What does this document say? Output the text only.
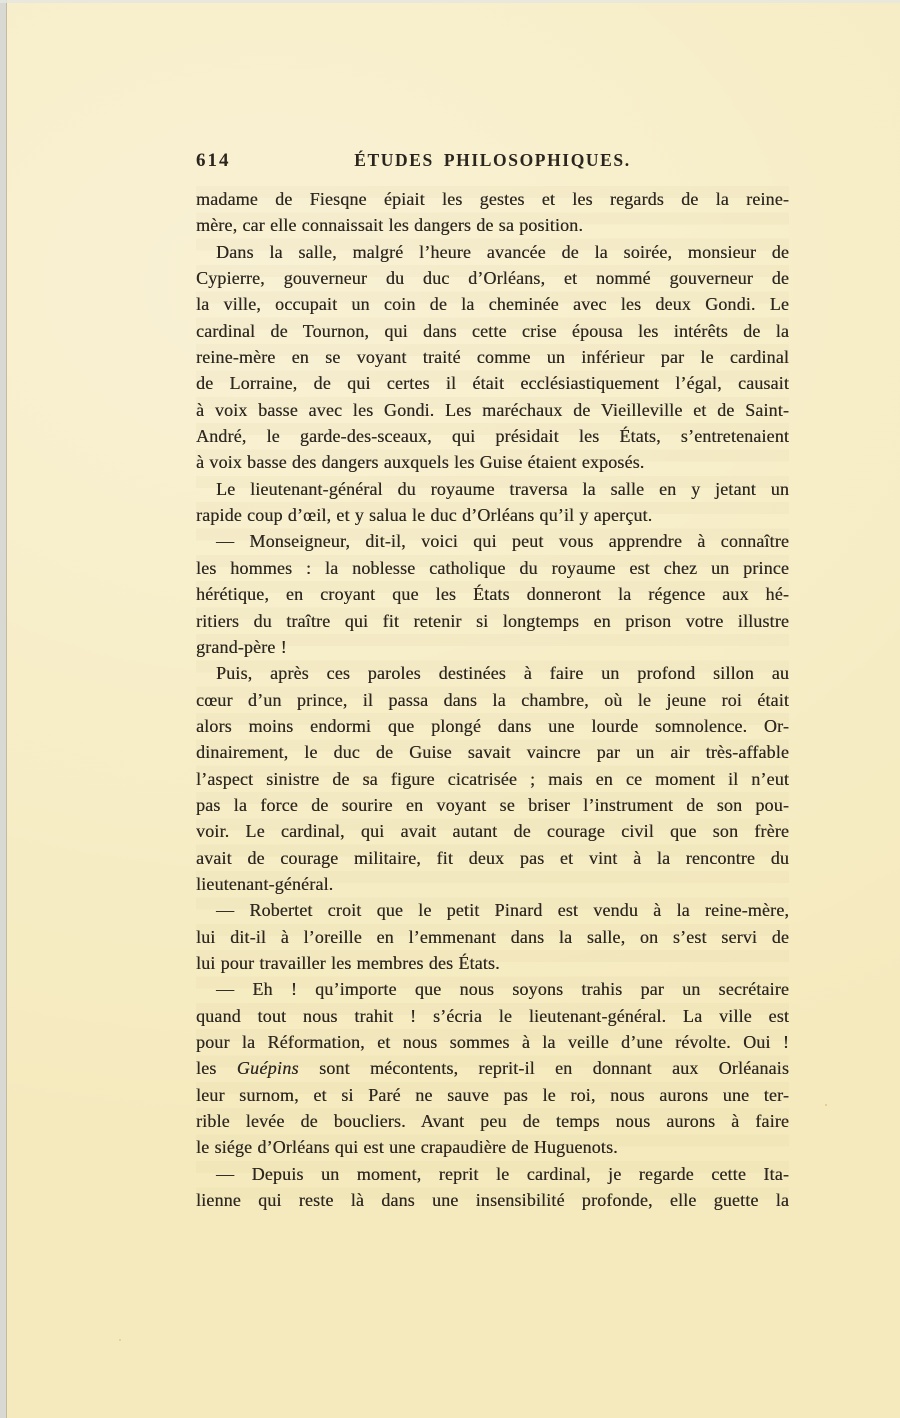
614	ÉTUDES PHILOSOPHIQUES.
madame de Fiesqne épiait les gestes et les regards de la reine-
mère, car elle connaissait les dangers de sa position.
Dans la salle, malgré l’heure avancée de la soirée, monsieur de
Cypierre, gouverneur du duc d’Orléans, et nommé gouverneur de
la ville, occupait un coin de la cheminée avec les deux Gondi. Le
cardinal de Tournon, qui dans cette crise épousa les intérêts de la
reine-mère en se voyant traité comme un inférieur par le cardinal
de Lorraine, de qui certes il était ecclésiastiquement l’égal, causait
à voix basse avec les Gondi. Les maréchaux de Vieilleville et de Saint-
André, le garde-des-sceaux, qui présidait les États, s’entretenaient
à voix basse des dangers auxquels les Guise étaient exposés.
Le lieutenant-général du royaume traversa la salle en y jetant un
rapide coup d’œil, et y salua le duc d’Orléans qu’il y aperçut.
— Monseigneur, dit-il, voici qui peut vous apprendre à connaître
les hommes : la noblesse catholique du royaume est chez un prince
hérétique, en croyant que les États donneront la régence aux hé-
ritiers du traître qui fit retenir si longtemps en prison votre illustre
grand-père !
Puis, après ces paroles destinées à faire un profond sillon au
cœur d’un prince, il passa dans la chambre, où le jeune roi était
alors moins endormi que plongé dans une lourde somnolence. Or-
dinairement, le duc de Guise savait vaincre par un air très-affable
l’aspect sinistre de sa figure cicatrisée ; mais en ce moment il n’eut
pas la force de sourire en voyant se briser l’instrument de son pou-
voir. Le cardinal, qui avait autant de courage civil que son frère
avait de courage militaire, fit deux pas et vint à la rencontre du
lieutenant-général.
— Robertet croit que le petit Pinard est vendu à la reine-mère,
lui dit-il à l’oreille en l’emmenant dans la salle, on s’est servi de
lui pour travailler les membres des États.
— Eh ! qu’importe que nous soyons trahis par un secrétaire
quand tout nous trahit ! s’écria le lieutenant-général. La ville est
pour la Réformation, et nous sommes à la veille d’une révolte. Oui !
les Guépins sont mécontents, reprit-il en donnant aux Orléanais
leur surnom, et si Paré ne sauve pas le roi, nous aurons une ter-
rible levée de boucliers. Avant peu de temps nous aurons à faire
le siége d’Orléans qui est une crapaudière de Huguenots.
— Depuis un moment, reprit le cardinal, je regarde cette Ita-
lienne qui reste là dans une insensibilité profonde, elle guette la
